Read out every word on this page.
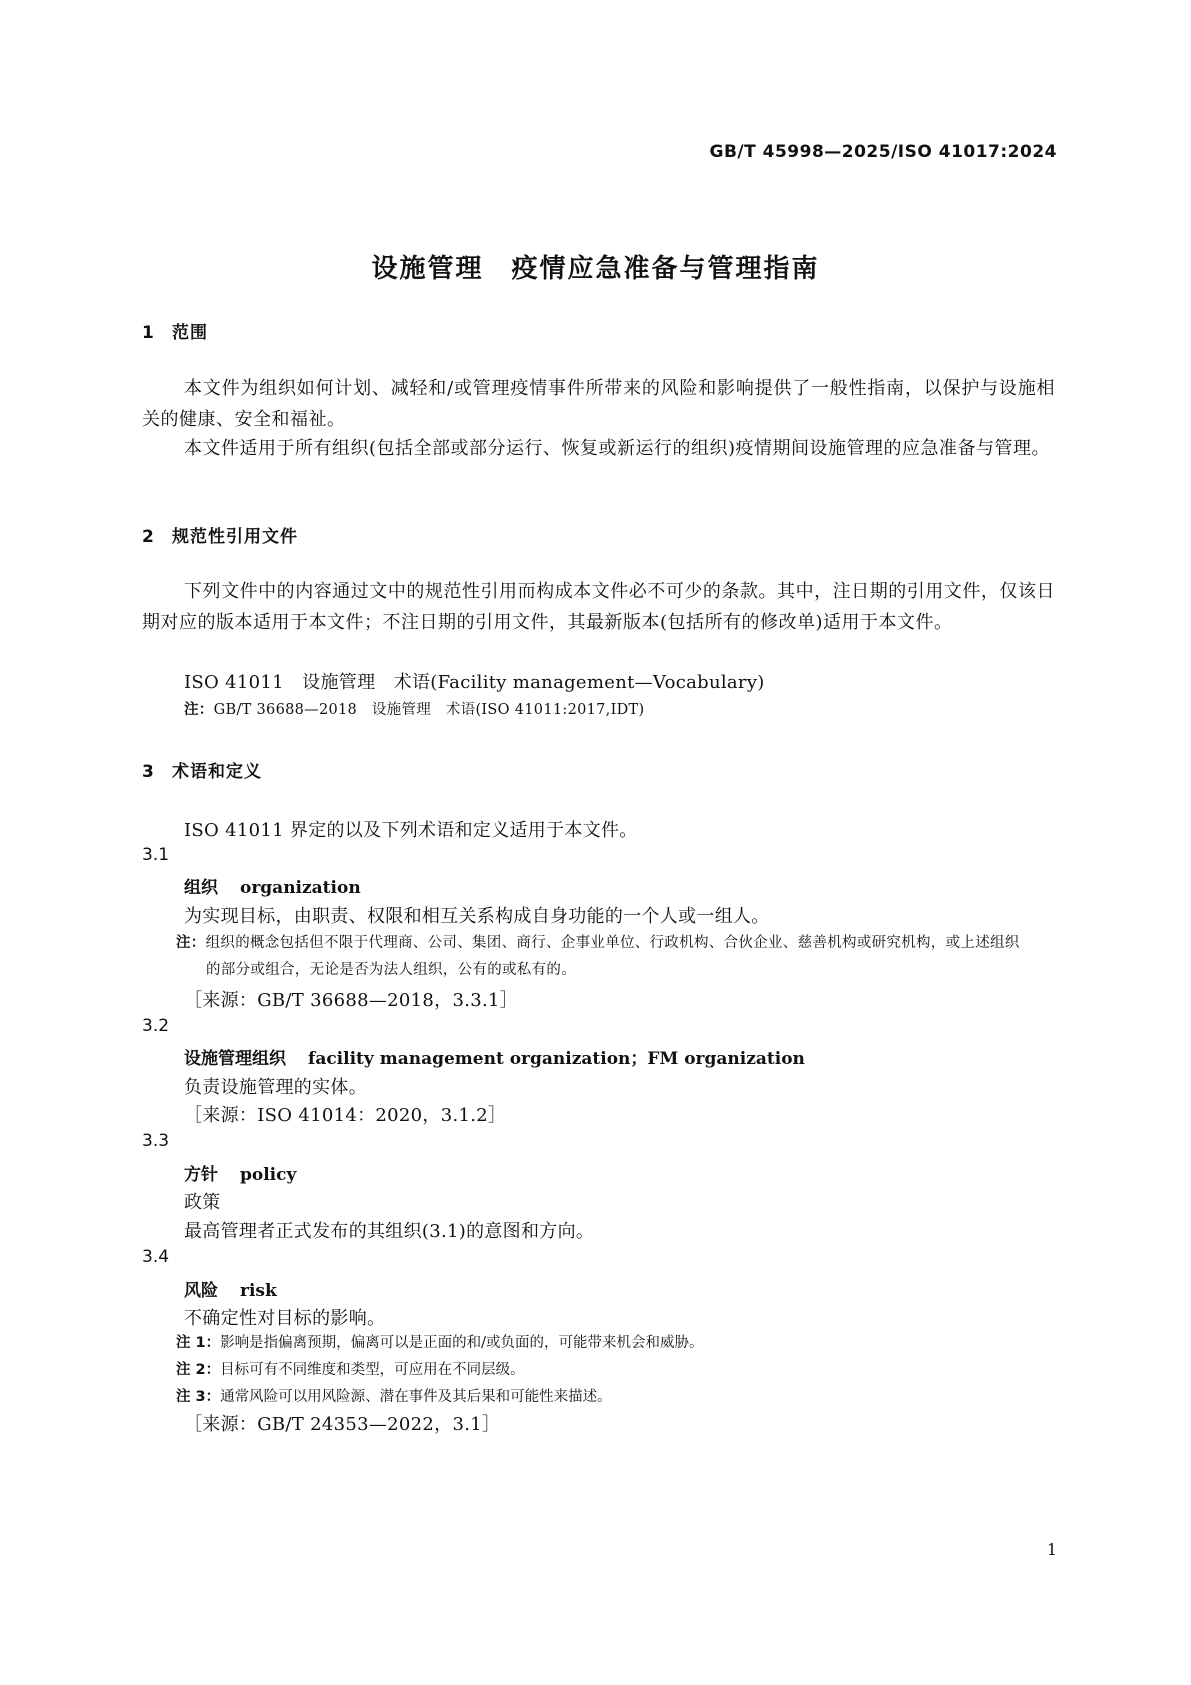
GB/T 45998—2025/ISO 41017:2024
设施管理　疫情应急准备与管理指南
1 范围
本文件为组织如何计划、减轻和/或管理疫情事件所带来的风险和影响提供了一般性指南，以保护与设施相关的健康、安全和福祉。
本文件适用于所有组织(包括全部或部分运行、恢复或新运行的组织)疫情期间设施管理的应急准备与管理。
2 规范性引用文件
下列文件中的内容通过文中的规范性引用而构成本文件必不可少的条款。其中，注日期的引用文件，仅该日期对应的版本适用于本文件；不注日期的引用文件，其最新版本(包括所有的修改单)适用于本文件。
ISO 41011　设施管理　术语(Facility management—Vocabulary)
注：GB/T 36688—2018　设施管理　术语(ISO 41011:2017,IDT)
3 术语和定义
ISO 41011 界定的以及下列术语和定义适用于本文件。
3.1
组织 organization
为实现目标，由职责、权限和相互关系构成自身功能的一个人或一组人。
注：组织的概念包括但不限于代理商、公司、集团、商行、企事业单位、行政机构、合伙企业、慈善机构或研究机构，或上述组织的部分或组合，无论是否为法人组织，公有的或私有的。
［来源：GB/T 36688—2018，3.3.1］
3.2
设施管理组织 facility management organization；FM organization
负责设施管理的实体。
［来源：ISO 41014：2020，3.1.2］
3.3
方针 policy
政策
最高管理者正式发布的其组织(3.1)的意图和方向。
3.4
风险 risk
不确定性对目标的影响。
注 1：影响是指偏离预期，偏离可以是正面的和/或负面的，可能带来机会和威胁。
注 2：目标可有不同维度和类型，可应用在不同层级。
注 3：通常风险可以用风险源、潜在事件及其后果和可能性来描述。
［来源：GB/T 24353—2022，3.1］
1
